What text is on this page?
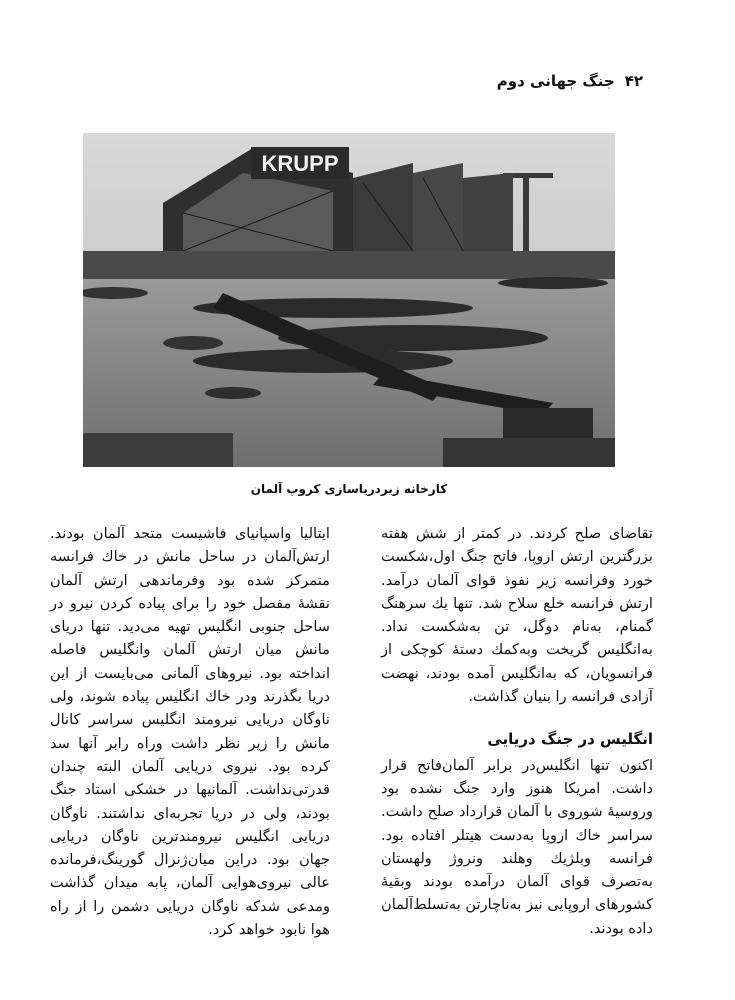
۴۲
جنگ جهانی دوم
KRUPP
کارخانه زیردریاسازی کروپ آلمان

تقاضای صلح کردند. در کمتر از شش هفته بزرگترین ارتش اروپا، فاتح جنگ اول،شکست خورد وفرانسه زیر نفوذ قوای آلمان درآمد. ارتش فرانسه خلع سلاح شد. تنها یك سرهنگ گمنام، به‌نام دوگل، تن به‌شکست نداد. به‌انگلیس گریخت وبه‌کمك دستهٔ کوچکی از فرانسویان، که به‌انگلیس آمده بودند، نهضت آزادی فرانسه را بنیان گذاشت.

انگلیس در جنگ دریایی

اکنون تنها انگلیس‌در برابر آلمان‌فاتح قرار داشت. امریکا هنوز وارد جنگ نشده بود وروسیهٔ شوروی با آلمان قرارداد صلح داشت. سراسر خاك اروپا به‌دست هیتلر افتاده بود. فرانسه وبلژیك وهلند ونروژ ولهستان به‌تصرف قوای آلمان درآمده بودند وبقیهٔ کشورهای اروپایی نیز به‌ناچارتن به‌تسلط‌آلمان داده بودند.

ایتالیا واسپانیای فاشیست متحد آلمان بودند. ارتش‌آلمان در ساحل مانش در خاك فرانسه متمرکز شده بود وفرماندهی ارتش آلمان نقشهٔ مفصل خود را برای پیاده کردن نیرو در ساحل جنوبی انگلیس تهیه می‌دید. تنها دریای مانش میان ارتش آلمان وانگلیس فاصله انداخته بود. نیروهای آلمانی می‌بایست از این دریا بگذرند ودر خاك انگلیس پیاده شوند، ولی ناوگان دریایی نیرومند انگلیس سراسر کانال مانش را زیر نظر داشت وراه رابر آنها سد کرده بود. نیروی دریایی آلمان البته چندان قدرتی‌نداشت. آلمانیها در خشکی استاد جنگ بودند، ولی در دریا تجربه‌ای نداشتند. ناوگان دریایی انگلیس نیرومندترین ناوگان دریایی جهان بود. دراین میان‌ژنرال گورینگ،فرمانده عالی نیروی‌هوایی آلمان، پابه میدان گذاشت ومدعی شدکه ناوگان دریایی دشمن را از راه هوا نابود خواهد کرد.
